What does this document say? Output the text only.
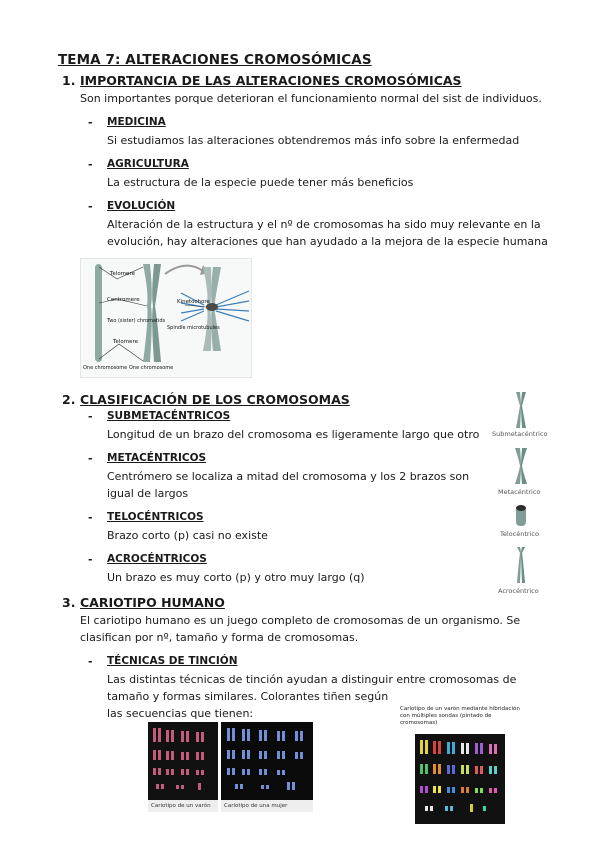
TEMA 7: ALTERACIONES CROMOSÓMICAS
1. IMPORTANCIA DE LAS ALTERACIONES CROMOSÓMICAS
Son importantes porque deterioran el funcionamiento normal del sist de individuos.
- MEDICINA
Si estudiamos las alteraciones obtendremos más info sobre la enfermedad
- AGRICULTURA
La estructura de la especie puede tener más beneficios
- EVOLUCIÓN
Alteración de la estructura y el nº de cromosomas ha sido muy relevante en la
evolución, hay alteraciones que han ayudado a la mejora de la especie humana
Telomere
Centromere
Two (sister) chromatids
Telomere
One chromosome One chromosome
Kinetochore
Spindle microtubules
2. CLASIFICACIÓN DE LOS CROMOSOMAS
- SUBMETACÉNTRICOS
Longitud de un brazo del cromosoma es ligeramente largo que otro
- METACÉNTRICOS
Centrómero se localiza a mitad del cromosoma y los 2 brazos son
igual de largos
- TELOCÉNTRICOS
Brazo corto (p) casi no existe
- ACROCÉNTRICOS
Un brazo es muy corto (p) y otro muy largo (q)
Submetacéntrico
Metacéntrico
Telocéntrico
Acrocéntrico
3. CARIOTIPO HUMANO
El cariotipo humano es un juego completo de cromosomas de un organismo. Se
clasifican por nº, tamaño y forma de cromosomas.
- TÉCNICAS DE TINCIÓN
Las distintas técnicas de tinción ayudan a distinguir entre cromosomas de
tamaño y formas similares. Colorantes tiñen según
las secuencias que tienen:
Cariotipo de un varón	Cariotipo de una mujer
Cariotipo de un varón mediante hibridación con múltiples sondas (pintado de cromosomas)
